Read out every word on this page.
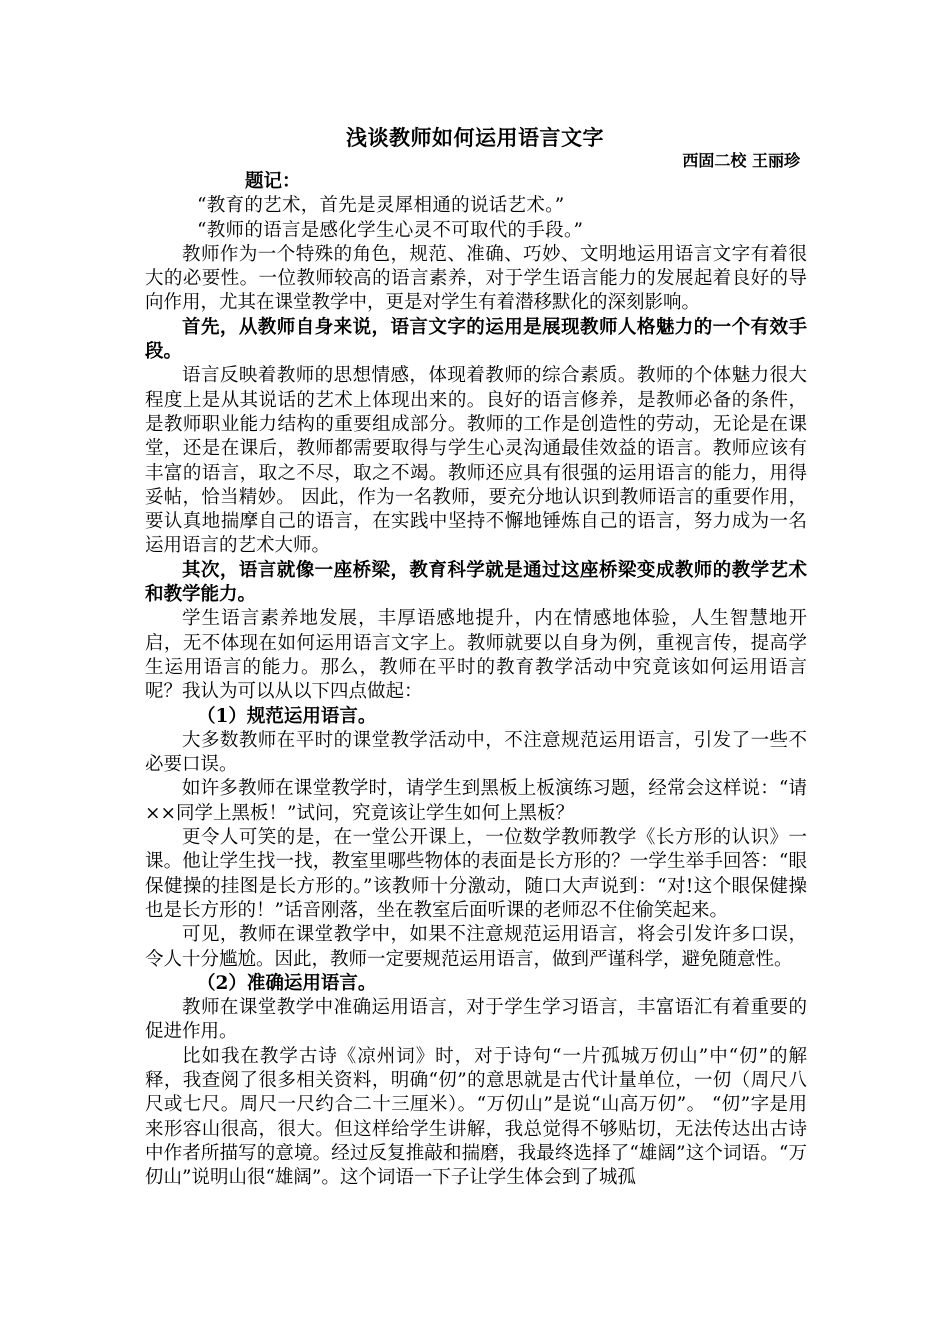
浅谈教师如何运用语言文字
西固二校 王丽珍

题记：

“教育的艺术，首先是灵犀相通的说话艺术。”

“教师的语言是感化学生心灵不可取代的手段。”

教师作为一个特殊的角色，规范、准确、巧妙、文明地运用语言文字有着很大的必要性。一位教师较高的语言素养，对于学生语言能力的发展起着良好的导向作用，尤其在课堂教学中，更是对学生有着潜移默化的深刻影响。

首先，从教师自身来说，语言文字的运用是展现教师人格魅力的一个有效手段。

语言反映着教师的思想情感，体现着教师的综合素质。教师的个体魅力很大程度上是从其说话的艺术上体现出来的。良好的语言修养，是教师必备的条件，是教师职业能力结构的重要组成部分。教师的工作是创造性的劳动，无论是在课堂，还是在课后，教师都需要取得与学生心灵沟通最佳效益的语言。教师应该有丰富的语言，取之不尽，取之不竭。教师还应具有很强的运用语言的能力，用得妥帖，恰当精妙。 因此，作为一名教师，要充分地认识到教师语言的重要作用，要认真地揣摩自己的语言，在实践中坚持不懈地锤炼自己的语言，努力成为一名运用语言的艺术大师。

其次，语言就像一座桥梁，教育科学就是通过这座桥梁变成教师的教学艺术和教学能力。

学生语言素养地发展，丰厚语感地提升，内在情感地体验，人生智慧地开启，无不体现在如何运用语言文字上。教师就要以自身为例，重视言传，提高学生运用语言的能力。那么，教师在平时的教育教学活动中究竟该如何运用语言呢？我认为可以从以下四点做起：

（1）规范运用语言。

大多数教师在平时的课堂教学活动中，不注意规范运用语言，引发了一些不必要口误。

如许多教师在课堂教学时，请学生到黑板上板演练习题，经常会这样说：“请××同学上黑板！”试问，究竟该让学生如何上黑板？

更令人可笑的是，在一堂公开课上，一位数学教师教学《长方形的认识》一课。他让学生找一找，教室里哪些物体的表面是长方形的？一学生举手回答：“眼保健操的挂图是长方形的。”该教师十分激动，随口大声说到：“对!这个眼保健操也是长方形的！”话音刚落，坐在教室后面听课的老师忍不住偷笑起来。

可见，教师在课堂教学中，如果不注意规范运用语言，将会引发许多口误，令人十分尴尬。因此，教师一定要规范运用语言，做到严谨科学，避免随意性。

（2）准确运用语言。

教师在课堂教学中准确运用语言，对于学生学习语言，丰富语汇有着重要的促进作用。

比如我在教学古诗《凉州词》时，对于诗句“一片孤城万仞山”中“仞”的解释，我查阅了很多相关资料，明确“仞”的意思就是古代计量单位，一仞（周尺八尺或七尺。周尺一尺约合二十三厘米）。“万仞山”是说“山高万仞”。 “仞”字是用来形容山很高，很大。但这样给学生讲解，我总觉得不够贴切，无法传达出古诗中作者所描写的意境。经过反复推敲和揣磨，我最终选择了“雄阔”这个词语。“万仞山”说明山很“雄阔”。这个词语一下子让学生体会到了城孤
